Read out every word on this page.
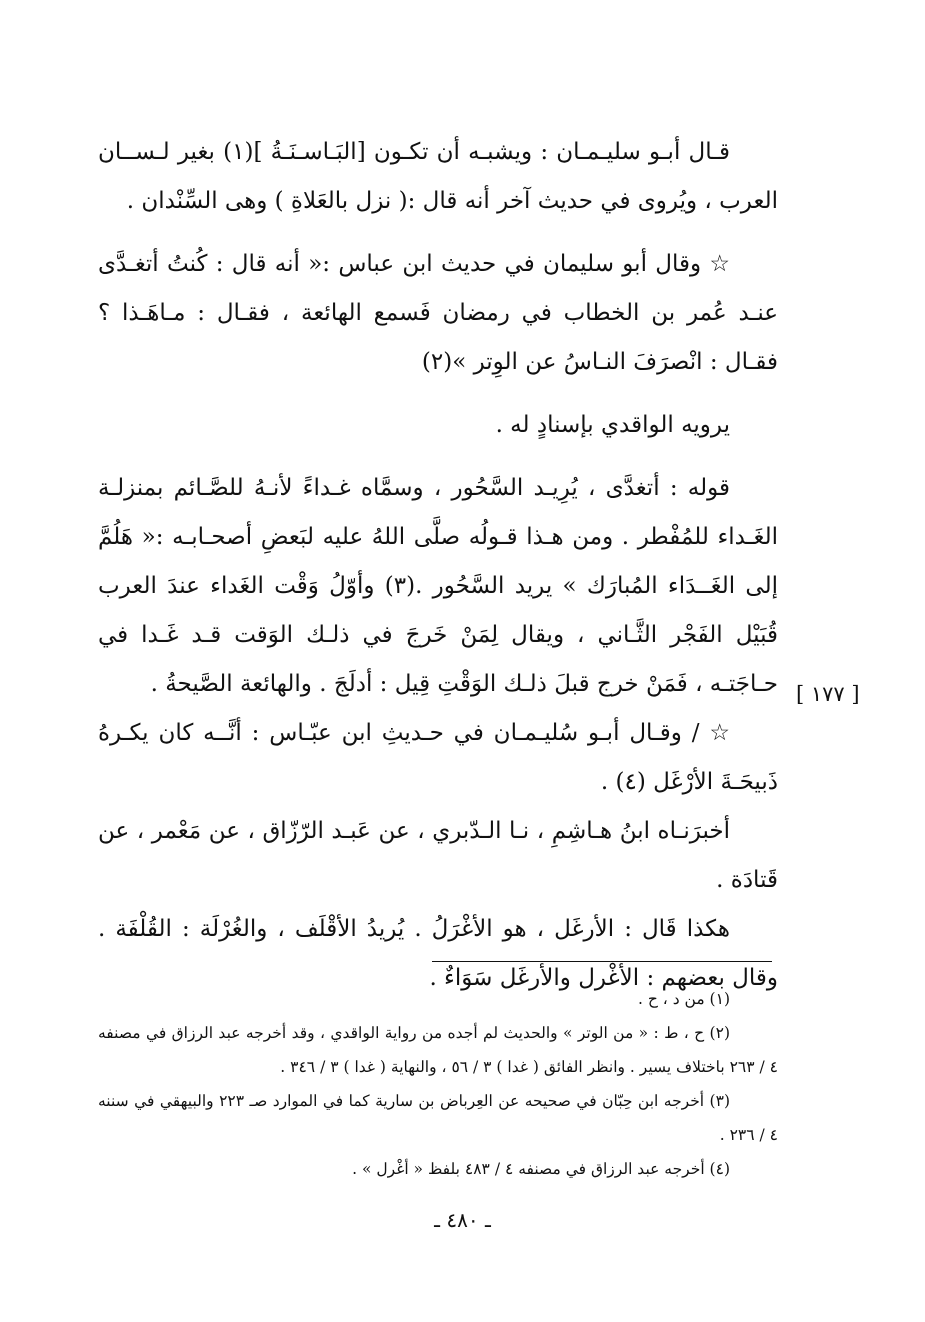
قـال أبـو سليـمـان : ويشبـه أن تكـون [البَـاسـنَـةُ ](١) بغير لـســان العرب ، ويُروى في حديث آخر أنه قال :( نزل بالعَلاةِ ) وهى السِّنْدان .

☆ وقال أبو سليمان في حديث ابن عباس :« أنه قال : كُنتُ أتغـدَّى عنـد عُمر بن الخطاب في رمضان فَسمع الهائعة ، فقـال : مـاهَـذا ؟ فقـال : انْصرَفَ النـاسُ عن الوِتر »(٢)

يرويه الواقدي بإسنادٍ له .

قوله : أتغدَّى ، يُرِيـد السَّحُور ، وسمَّاه غـداءً لأنـهُ للصَّـائم بمنزلـة الغَـداء للمُفْطر . ومن هـذا قـولُه صلَّى اللهُ عليه لبَعضِ أصحـابـه :« هَلُمَّ إلى الغَــدَاء المُبارَك » يريد السَّحُور .(٣) وأوّلُ وَقْت الغَداء عندَ العرب قُبَيْل الفَجْر الثَّـاني ، ويقال لِمَنْ خَرجَ في ذلـك الوَقت قـد غَـدا في حـاجَتـه ، فَمَنْ خرج قبلَ ذلـك الوَقْتِ قِيل : أدلَجَ . والهائعة الصَّيحةُ .

☆ / وقـال أبـو سُليـمـان في حـديثِ ابن عبّـاس : أنَّــه كان يكـرهُ ذَبيحَـةَ الأرْغَل (٤) .

أخبرَنـاه ابنُ هـاشِمِ ، نـا الـدّبري ، عن عَبـد الرّزّاق ، عن مَعْمر ، عن قَتادَة .

هكذا قَال : الأرغَل ، هو الأغْرَلُ . يُريدُ الأقْلَف ، والغُرْلَة : القُلْفَة . وقال بعضهم : الأغْرل والأرغَل سَوَاءٌ .

[ ١٧٧ ]

(١) من د ، ح .

(٢) ح ، ط : « من الوتر » والحديث لم أجده من رواية الواقدي ، وقد أخرجه عبد الرزاق في مصنفه ٤ / ٢٦٣ باختلاف يسير . وانظر الفائق ( غدا ) ٣ / ٥٦ ، والنهاية ( غدا ) ٣ / ٣٤٦ .

(٣) أخرجه ابن حِبّان في صحيحه عن العِرباض بن سارية كما في الموارد صـ ٢٢٣ والبيهقي في سننه ٤ / ٢٣٦ .

(٤) أخرجه عبد الرزاق في مصنفه ٤ / ٤٨٣ بلفظ « أغْرل » .

ـ ٤٨٠ ـ
